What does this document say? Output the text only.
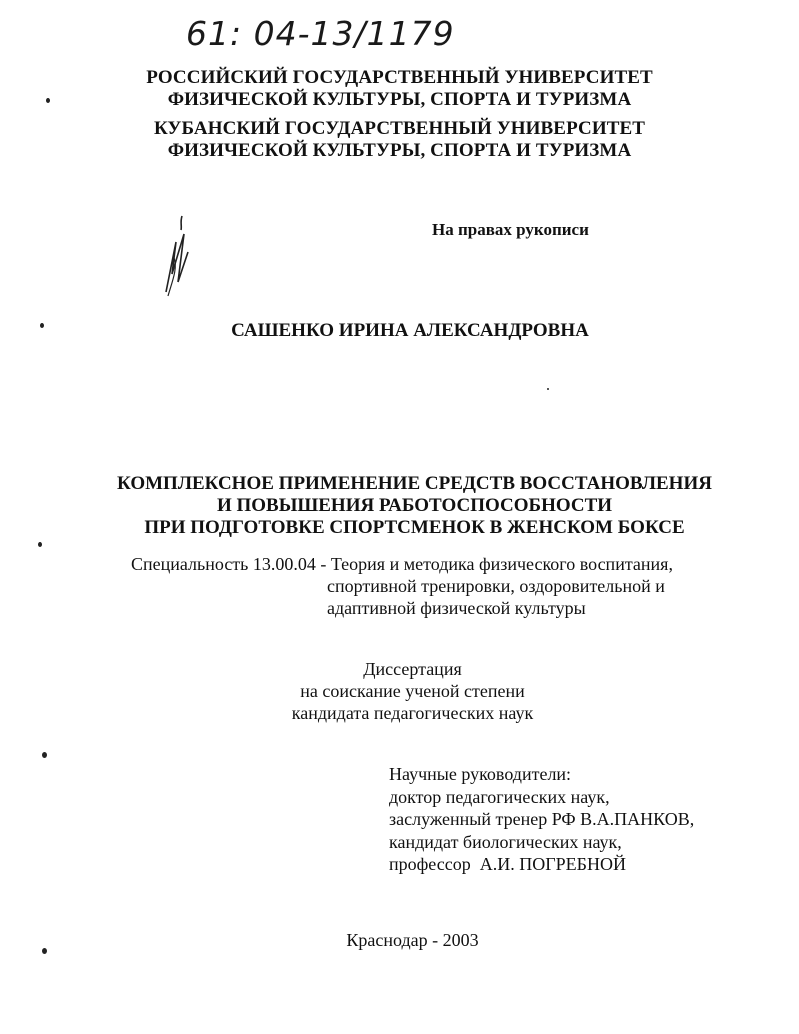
61: 04-13/1179
РОССИЙСКИЙ ГОСУДАРСТВЕННЫЙ УНИВЕРСИТЕТ
ФИЗИЧЕСКОЙ КУЛЬТУРЫ, СПОРТА И ТУРИЗМА
КУБАНСКИЙ ГОСУДАРСТВЕННЫЙ УНИВЕРСИТЕТ
ФИЗИЧЕСКОЙ КУЛЬТУРЫ, СПОРТА И ТУРИЗМА
На правах рукописи
САШЕНКО ИРИНА АЛЕКСАНДРОВНА
КОМПЛЕКСНОЕ ПРИМЕНЕНИЕ СРЕДСТВ ВОССТАНОВЛЕНИЯ
И ПОВЫШЕНИЯ РАБОТОСПОСОБНОСТИ
ПРИ ПОДГОТОВКЕ СПОРТСМЕНОК В ЖЕНСКОМ БОКСЕ
Специальность 13.00.04 - Теория и методика физического воспитания,
спортивной тренировки, оздоровительной и
адаптивной физической культуры
Диссертация
на соискание ученой степени
кандидата педагогических наук
Научные руководители:
доктор педагогических наук,
заслуженный тренер РФ В.А.ПАНКОВ,
кандидат биологических наук,
профессор  А.И. ПОГРЕБНОЙ
Краснодар - 2003
